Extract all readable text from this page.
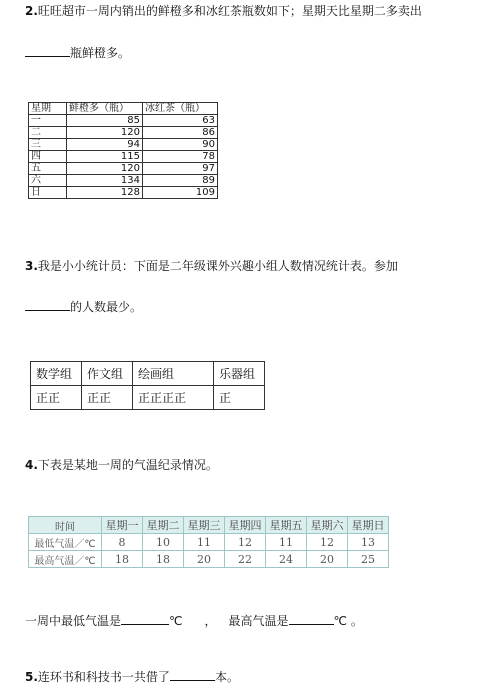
2.旺旺超市一周内销出的鲜橙多和冰红茶瓶数如下；星期天比星期二多卖出
瓶鲜橙多。
星期	鲜橙多（瓶）	冰红茶（瓶）
一	85	63
二	120	86
三	94	90
四	115	78
五	120	97
六	134	89
日	128	109
3.我是小小统计员：下面是二年级课外兴趣小组人数情况统计表。参加
的人数最少。
数学组	作文组	绘画组	乐器组
正正	正正	正正正正	正
4.下表是某地一周的气温纪录情况。
时间	星期一	星期二	星期三	星期四	星期五	星期六	星期日
最低气温／℃	8	10	11	12	11	12	13
最高气温／℃	18	18	20	22	24	20	25
一周中最低气温是	℃ ， 最高气温是	℃ 。
5.连环书和科技书一共借了	本。
